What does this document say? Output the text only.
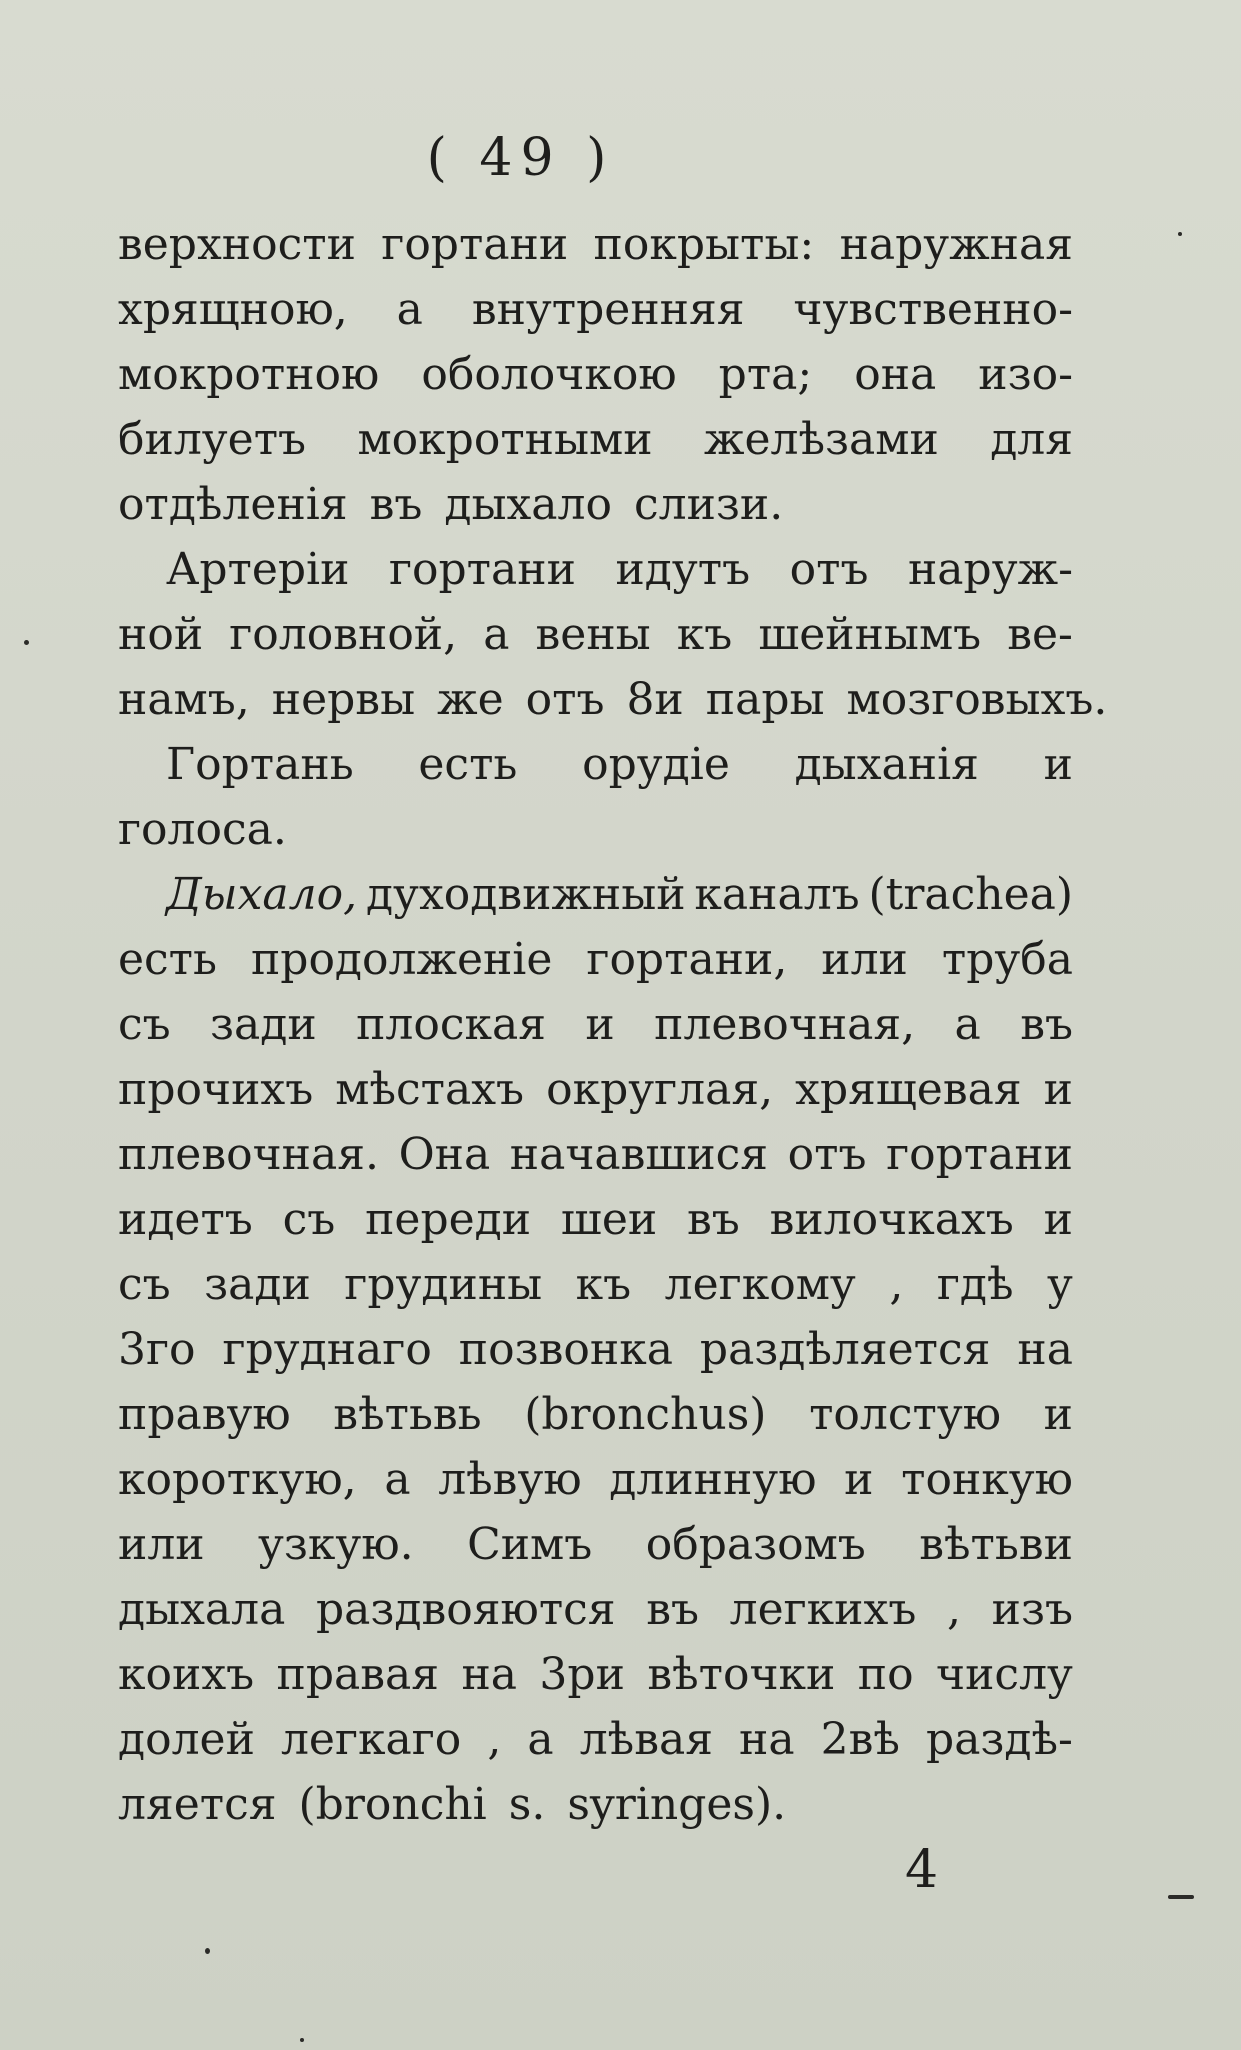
( 49 )
верхности гортани покрыты: наружная
хрящною, а внутренняя чувственно-
мокротною оболочкою рта; она изо-
билуетъ мокротными желѣзами для
отдѣленiя въ дыхало слизи.
Артерiи гортани идутъ отъ наруж-
ной головной, а вены къ шейнымъ ве-
намъ, нервы же отъ 8и пары мозговыхъ.
Гортань есть орудiе дыханiя и
голоса.
Дыхало, духодвижный каналъ (trachea)
есть продолженiе гортани, или труба
съ зади плоская и плевочная, а въ
прочихъ мѣстахъ округлая, хрящевая и
плевочная. Она начавшися отъ гортани
идетъ съ переди шеи въ вилочкахъ и
съ зади грудины къ легкому , гдѣ у
3го груднаго позвонка раздѣляется на
правую вѣтьвь (bronchus) толстую и
короткую, а лѣвую длинную и тонкую
или узкую. Симъ образомъ вѣтьви
дыхала раздвояются въ легкихъ , изъ
коихъ правая на 3ри вѣточки по числу
долей легкаго , а лѣвая на 2вѣ раздѣ-
ляется (bronchi s. syringes).
4
